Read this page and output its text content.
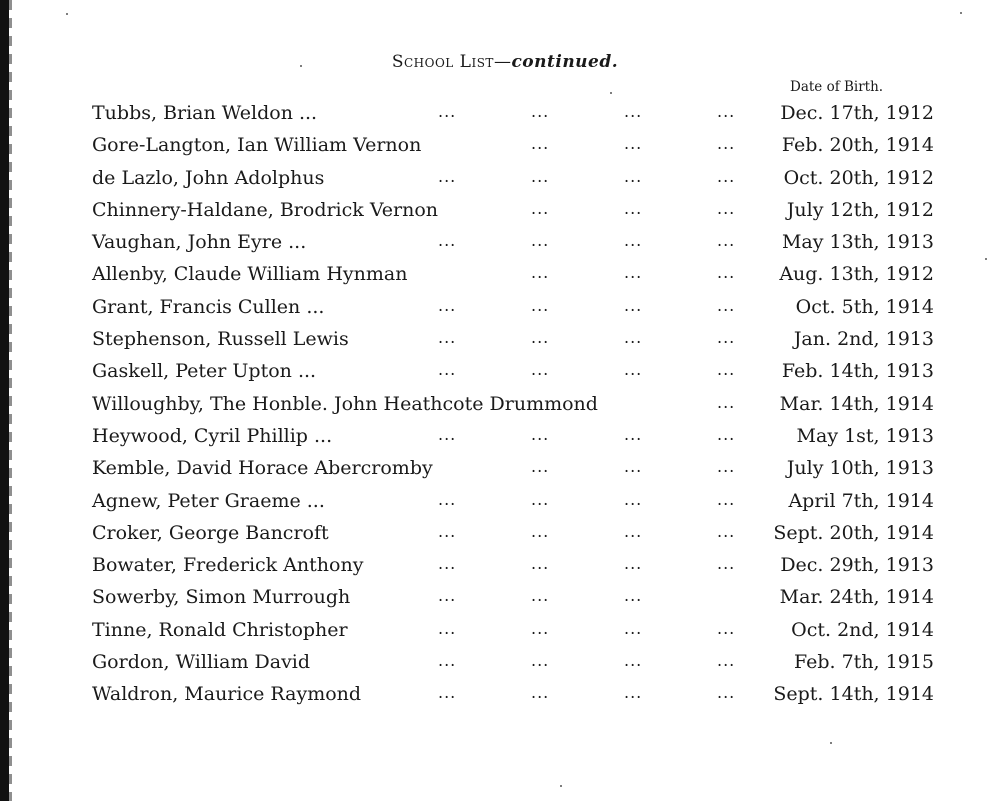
School List—continued.
Date of Birth.
Tubbs, Brian Weldon ...	...	...	...	... Dec. 17th, 1912
Gore-Langton, Ian William Vernon	...	...	... Feb. 20th, 1914
de Lazlo, John Adolphus	...	...	...	...	Oct. 20th, 1912
Chinnery-Haldane, Brodrick Vernon	...	...	...	July 12th, 1912
Vaughan, John Eyre ...	...	...	...	... May 13th, 1913
Allenby, Claude William Hynman	...	...	... Aug. 13th, 1912
Grant, Francis Cullen ...	...	...	...	...	Oct. 5th, 1914
Stephenson, Russell Lewis	...	...	...	...	Jan. 2nd, 1913
Gaskell, Peter Upton ...	...	...	...	... Feb. 14th, 1913
Willoughby, The Honble. John Heathcote Drummond	... Mar. 14th, 1914
Heywood, Cyril Phillip ...	...	...	...	...	May 1st, 1913
Kemble, David Horace Abercromby	...	...	...	July 10th, 1913
Agnew, Peter Graeme ...	...	...	...	...	April 7th, 1914
Croker, George Bancroft	...	...	...	... Sept. 20th, 1914
Bowater, Frederick Anthony	...	...	...	... Dec. 29th, 1913
Sowerby, Simon Murrough	...	...	...	Mar. 24th, 1914
Tinne, Ronald Christopher	...	...	...	...	Oct. 2nd, 1914
Gordon, William David	...	...	...	...	Feb. 7th, 1915
Waldron, Maurice Raymond	...	...	...	... Sept. 14th, 1914
